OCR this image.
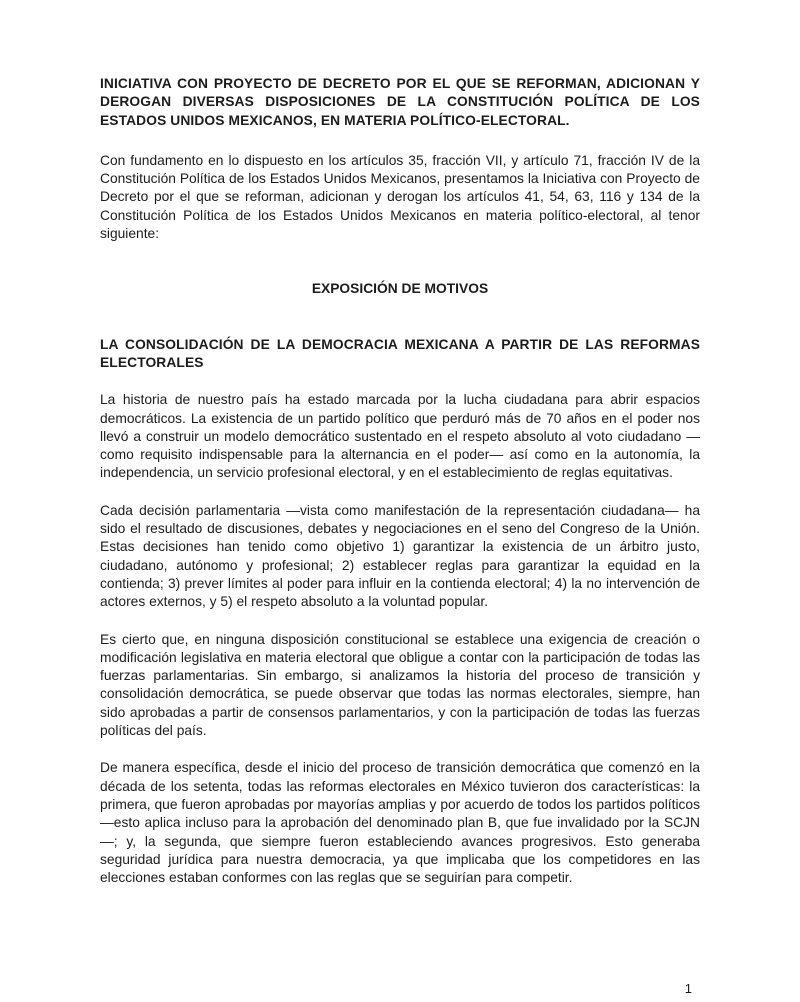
INICIATIVA CON PROYECTO DE DECRETO POR EL QUE SE REFORMAN, ADICIONAN Y DEROGAN DIVERSAS DISPOSICIONES DE LA CONSTITUCIÓN POLÍTICA DE LOS ESTADOS UNIDOS MEXICANOS, EN MATERIA POLÍTICO-ELECTORAL.

Con fundamento en lo dispuesto en los artículos 35, fracción VII, y artículo 71, fracción IV de la Constitución Política de los Estados Unidos Mexicanos, presentamos la Iniciativa con Proyecto de Decreto por el que se reforman, adicionan y derogan los artículos 41, 54, 63, 116 y 134 de la Constitución Política de los Estados Unidos Mexicanos en materia político-electoral, al tenor siguiente:

EXPOSICIÓN DE MOTIVOS
LA CONSOLIDACIÓN DE LA DEMOCRACIA MEXICANA A PARTIR DE LAS REFORMAS ELECTORALES

La historia de nuestro país ha estado marcada por la lucha ciudadana para abrir espacios democráticos. La existencia de un partido político que perduró más de 70 años en el poder nos llevó a construir un modelo democrático sustentado en el respeto absoluto al voto ciudadano —como requisito indispensable para la alternancia en el poder— así como en la autonomía, la independencia, un servicio profesional electoral, y en el establecimiento de reglas equitativas.

Cada decisión parlamentaria —vista como manifestación de la representación ciudadana— ha sido el resultado de discusiones, debates y negociaciones en el seno del Congreso de la Unión. Estas decisiones han tenido como objetivo 1) garantizar la existencia de un árbitro justo, ciudadano, autónomo y profesional; 2) establecer reglas para garantizar la equidad en la contienda; 3) prever límites al poder para influir en la contienda electoral; 4) la no intervención de actores externos, y 5) el respeto absoluto a la voluntad popular.

Es cierto que, en ninguna disposición constitucional se establece una exigencia de creación o modificación legislativa en materia electoral que obligue a contar con la participación de todas las fuerzas parlamentarias. Sin embargo, si analizamos la historia del proceso de transición y consolidación democrática, se puede observar que todas las normas electorales, siempre, han sido aprobadas a partir de consensos parlamentarios, y con la participación de todas las fuerzas políticas del país.

De manera específica, desde el inicio del proceso de transición democrática que comenzó en la década de los setenta, todas las reformas electorales en México tuvieron dos características: la primera, que fueron aprobadas por mayorías amplias y por acuerdo de todos los partidos políticos —esto aplica incluso para la aprobación del denominado plan B, que fue invalidado por la SCJN—; y, la segunda, que siempre fueron estableciendo avances progresivos. Esto generaba seguridad jurídica para nuestra democracia, ya que implicaba que los competidores en las elecciones estaban conformes con las reglas que se seguirían para competir.

1
